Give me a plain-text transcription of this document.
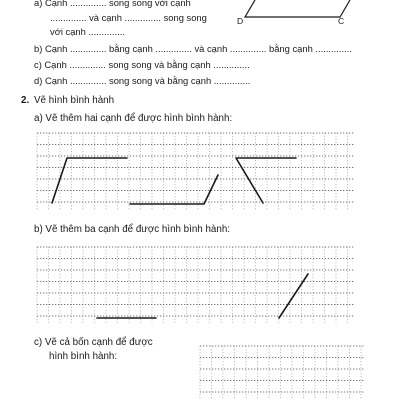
a) Cạnh .............. song song với cạnh
.............. và cạnh .............. song song
với cạnh ..............
b) Cạnh .............. bằng cạnh .............. và cạnh .............. bằng cạnh ..............
c) Cạnh .............. song song và bằng cạnh ..............
d) Cạnh .............. song song và bằng cạnh ..............
D	C
2. Vẽ hình bình hành
a) Vẽ thêm hai cạnh để được hình bình hành:
b) Vẽ thêm ba cạnh để được hình bình hành:
c) Vẽ cả bốn cạnh để được
hình bình hành:
